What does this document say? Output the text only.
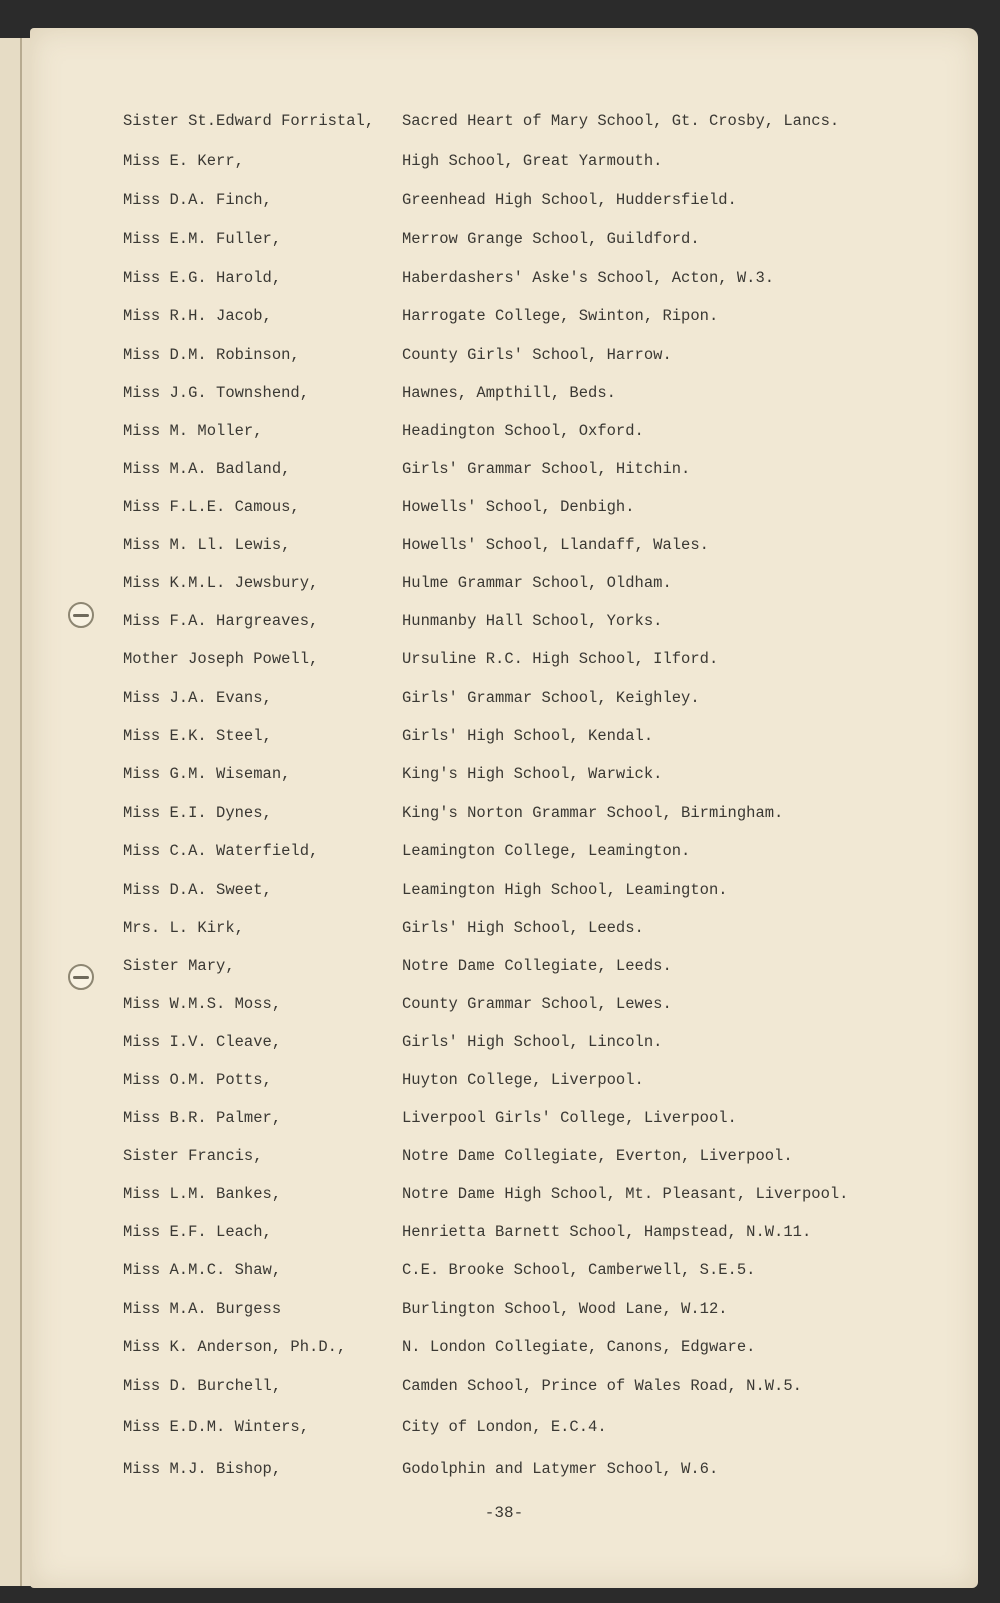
Sister St.Edward Forristal, Sacred Heart of Mary School, Gt. Crosby, Lancs.
Miss E. Kerr,	High School, Great Yarmouth.
Miss D.A. Finch,	Greenhead High School, Huddersfield.
Miss E.M. Fuller,	Merrow Grange School, Guildford.
Miss E.G. Harold,	Haberdashers' Aske's School, Acton, W.3.
Miss R.H. Jacob,	Harrogate College, Swinton, Ripon.
Miss D.M. Robinson,	County Girls' School, Harrow.
Miss J.G. Townshend,	Hawnes, Ampthill, Beds.
Miss M. Moller,	Headington School, Oxford.
Miss M.A. Badland,	Girls' Grammar School, Hitchin.
Miss F.L.E. Camous,	Howells' School, Denbigh.
Miss M. Ll. Lewis,	Howells' School, Llandaff, Wales.
Miss K.M.L. Jewsbury,	Hulme Grammar School, Oldham.
Miss F.A. Hargreaves,	Hunmanby Hall School, Yorks.
Mother Joseph Powell,	Ursuline R.C. High School, Ilford.
Miss J.A. Evans,	Girls' Grammar School, Keighley.
Miss E.K. Steel,	Girls' High School, Kendal.
Miss G.M. Wiseman,	King's High School, Warwick.
Miss E.I. Dynes,	King's Norton Grammar School, Birmingham.
Miss C.A. Waterfield,	Leamington College, Leamington.
Miss D.A. Sweet,	Leamington High School, Leamington.
Mrs. L. Kirk,	Girls' High School, Leeds.
Sister Mary,	Notre Dame Collegiate, Leeds.
Miss W.M.S. Moss,	County Grammar School, Lewes.
Miss I.V. Cleave,	Girls' High School, Lincoln.
Miss O.M. Potts,	Huyton College, Liverpool.
Miss B.R. Palmer,	Liverpool Girls' College, Liverpool.
Sister Francis,	Notre Dame Collegiate, Everton, Liverpool.
Miss L.M. Bankes,	Notre Dame High School, Mt. Pleasant, Liverpool.
Miss E.F. Leach,	Henrietta Barnett School, Hampstead, N.W.11.
Miss A.M.C. Shaw,	C.E. Brooke School, Camberwell, S.E.5.
Miss M.A. Burgess	Burlington School, Wood Lane, W.12.
Miss K. Anderson, Ph.D.,	N. London Collegiate, Canons, Edgware.
Miss D. Burchell,	Camden School, Prince of Wales Road, N.W.5.
Miss E.D.M. Winters,	City of London, E.C.4.
Miss M.J. Bishop,	Godolphin and Latymer School, W.6.
-38-
